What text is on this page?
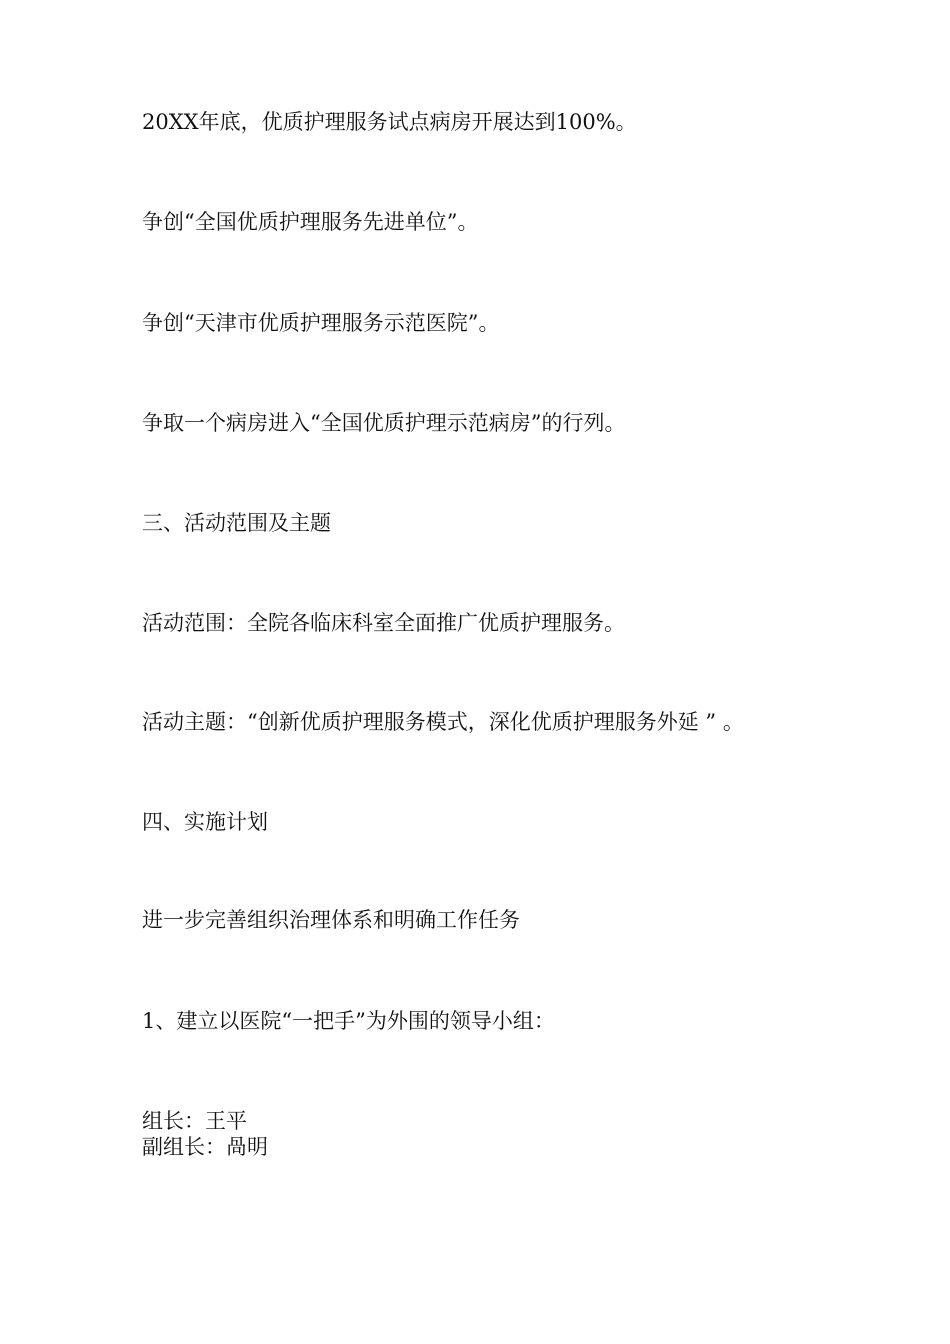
20XX年底，优质护理服务试点病房开展达到100%。

争创“全国优质护理服务先进单位”。

争创“天津市优质护理服务示范医院”。

争取一个病房进入“全国优质护理示范病房”的行列。

三、活动范围及主题

活动范围：全院各临床科室全面推广优质护理服务。

活动主题：“创新优质护理服务模式，深化优质护理服务外延 ” 。

四、实施计划

进一步完善组织治理体系和明确工作任务

1、建立以医院“一把手”为外围的领导小组：

组长：王平

副组长：咼明
